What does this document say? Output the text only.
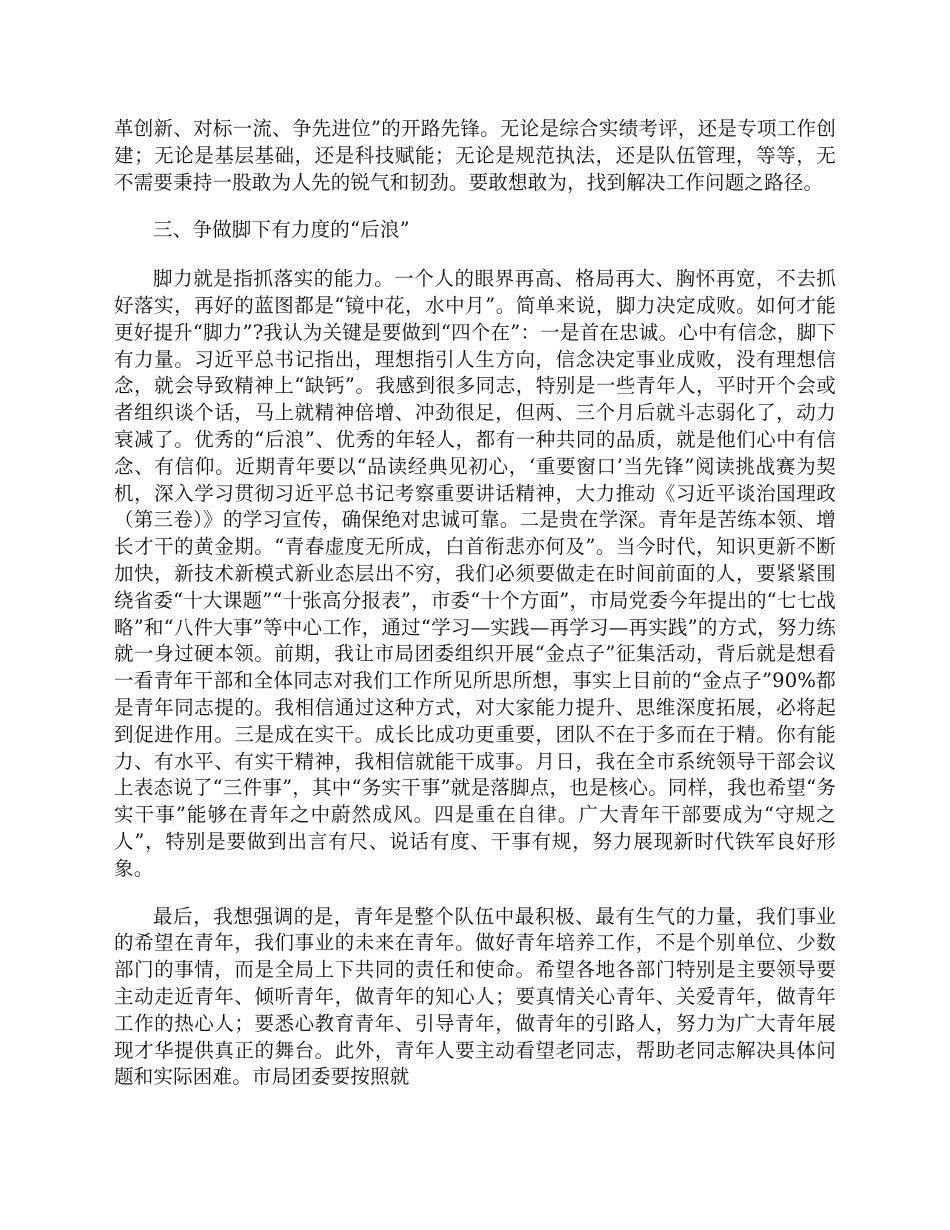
革创新、对标一流、争先进位”的开路先锋。无论是综合实绩考评，还是专项工作创建；无论是基层基础，还是科技赋能；无论是规范执法，还是队伍管理，等等，无不需要秉持一股敢为人先的锐气和韧劲。要敢想敢为，找到解决工作问题之路径。

三、争做脚下有力度的“后浪”

脚力就是指抓落实的能力。一个人的眼界再高、格局再大、胸怀再宽，不去抓好落实，再好的蓝图都是“镜中花，水中月”。简单来说，脚力决定成败。如何才能更好提升“脚力”?我认为关键是要做到“四个在”：一是首在忠诚。心中有信念，脚下有力量。习近平总书记指出，理想指引人生方向，信念决定事业成败，没有理想信念，就会导致精神上“缺钙”。我感到很多同志，特别是一些青年人，平时开个会或者组织谈个话，马上就精神倍增、冲劲很足，但两、三个月后就斗志弱化了，动力衰减了。优秀的“后浪”、优秀的年轻人，都有一种共同的品质，就是他们心中有信念、有信仰。近期青年要以“品读经典见初心，‘重要窗口’当先锋”阅读挑战赛为契机，深入学习贯彻习近平总书记考察重要讲话精神，大力推动《习近平谈治国理政（第三卷）》的学习宣传，确保绝对忠诚可靠。二是贵在学深。青年是苦练本领、增长才干的黄金期。“青春虚度无所成，白首衔悲亦何及”。当今时代，知识更新不断加快，新技术新模式新业态层出不穷，我们必须要做走在时间前面的人，要紧紧围绕省委“十大课题”“十张高分报表”，市委“十个方面”，市局党委今年提出的“七七战略”和“八件大事”等中心工作，通过“学习—实践—再学习—再实践”的方式，努力练就一身过硬本领。前期，我让市局团委组织开展“金点子”征集活动，背后就是想看一看青年干部和全体同志对我们工作所见所思所想，事实上目前的“金点子”90%都是青年同志提的。我相信通过这种方式，对大家能力提升、思维深度拓展，必将起到促进作用。三是成在实干。成长比成功更重要，团队不在于多而在于精。你有能力、有水平、有实干精神，我相信就能干成事。月日，我在全市系统领导干部会议上表态说了“三件事”，其中“务实干事”就是落脚点，也是核心。同样，我也希望“务实干事”能够在青年之中蔚然成风。四是重在自律。广大青年干部要成为“守规之人”，特别是要做到出言有尺、说话有度、干事有规，努力展现新时代铁军良好形象。

最后，我想强调的是，青年是整个队伍中最积极、最有生气的力量，我们事业的希望在青年，我们事业的未来在青年。做好青年培养工作，不是个别单位、少数部门的事情，而是全局上下共同的责任和使命。希望各地各部门特别是主要领导要主动走近青年、倾听青年，做青年的知心人；要真情关心青年、关爱青年，做青年工作的热心人；要悉心教育青年、引导青年，做青年的引路人，努力为广大青年展现才华提供真正的舞台。此外，青年人要主动看望老同志，帮助老同志解决具体问题和实际困难。市局团委要按照就
